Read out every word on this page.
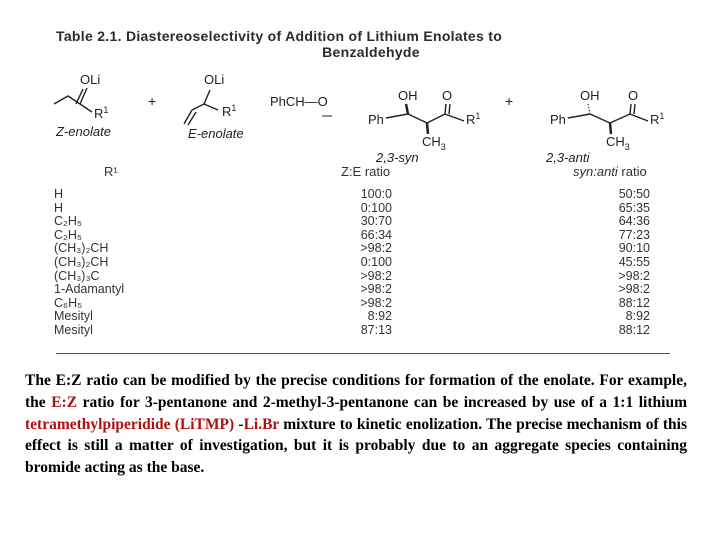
Table 2.1. Diastereoselectivity of Addition of Lithium Enolates to
Benzaldehyde
OLi
$R^1$
Z-enolate
+
OLi
$R^1$
E-enolate
PhCH—O	OH O
Ph	$R^1$
$CH_3$
2,3-syn
+	OH O
Ph	$R^1$
$CH_3$
2,3-anti
R¹	Z:E ratio	syn:anti ratio
H	100:0	50:50
H	0:100	65:35
C₂H₅	30:70	64:36
C₂H₅	66:34	77:23
(CH₃)₂CH	>98:2	90:10
(CH₃)₂CH	0:100	45:55
(CH₃)₃C	>98:2	>98:2
1-Adamantyl	>98:2	>98:2
C₆H₅	>98:2	88:12
Mesityl	8:92	8:92
Mesityl	87:13	88:12
The E:Z ratio can be modified by the precise conditions for formation of the enolate. For example, the E:Z ratio for 3-pentanone and 2-methyl-3-pentanone can be increased by use of a 1:1 lithium tetramethylpiperidide (LiTMP) -Li.Br mixture to kinetic enolization. The precise mechanism of this effect is still a matter of investigation, but it is probably due to an aggregate species containing bromide acting as the base.
